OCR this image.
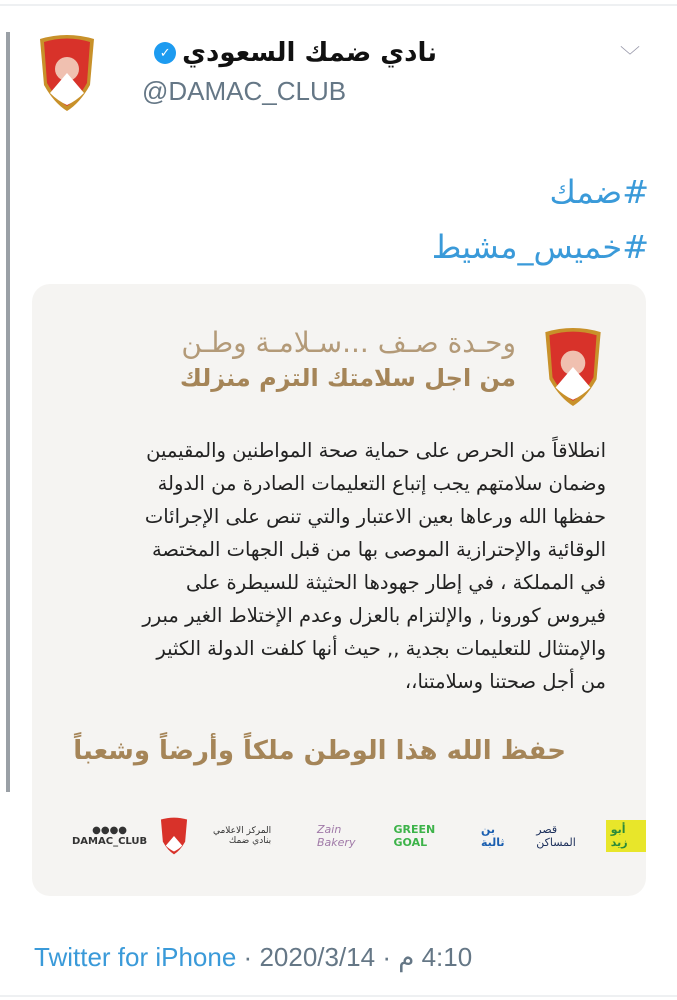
نادي ضمك السعودي
✓
@DAMAC_CLUB
﹀
#ضمك
#خميس_مشيط
وحـدة صـف ...سـلامـة وطـن
من اجل سلامتك التزم منزلك
انطلاقاً من الحرص على حماية صحة المواطنين والمقيمين
وضمان سلامتهم يجب إتباع التعليمات الصادرة من الدولة
حفظها الله ورعاها بعين الاعتبار والتي تنص على الإجرائات
الوقائية والإحترازية الموصى بها من قبل الجهات المختصة
في المملكة ، في إطار جهودها الحثيثة للسيطرة على
فيروس كورونا , والإلتزام بالعزل وعدم الإختلاط الغير مبرر
والإمتثال للتعليمات بجدية ,, حيث أنها كلفت الدولة الكثير
من أجل صحتنا وسلامتنا،،
حفظ الله هذا الوطن ملكاً وأرضاً وشعباً
●●●●
DAMAC_CLUB
المركز الاعلامي بنادي ضمك
Zain Bakery
GREEN GOAL
بن ثالبة
قصر المساكن
أبو زيد
Twitter for iPhone · 2020/3/14 · 4:10 م
